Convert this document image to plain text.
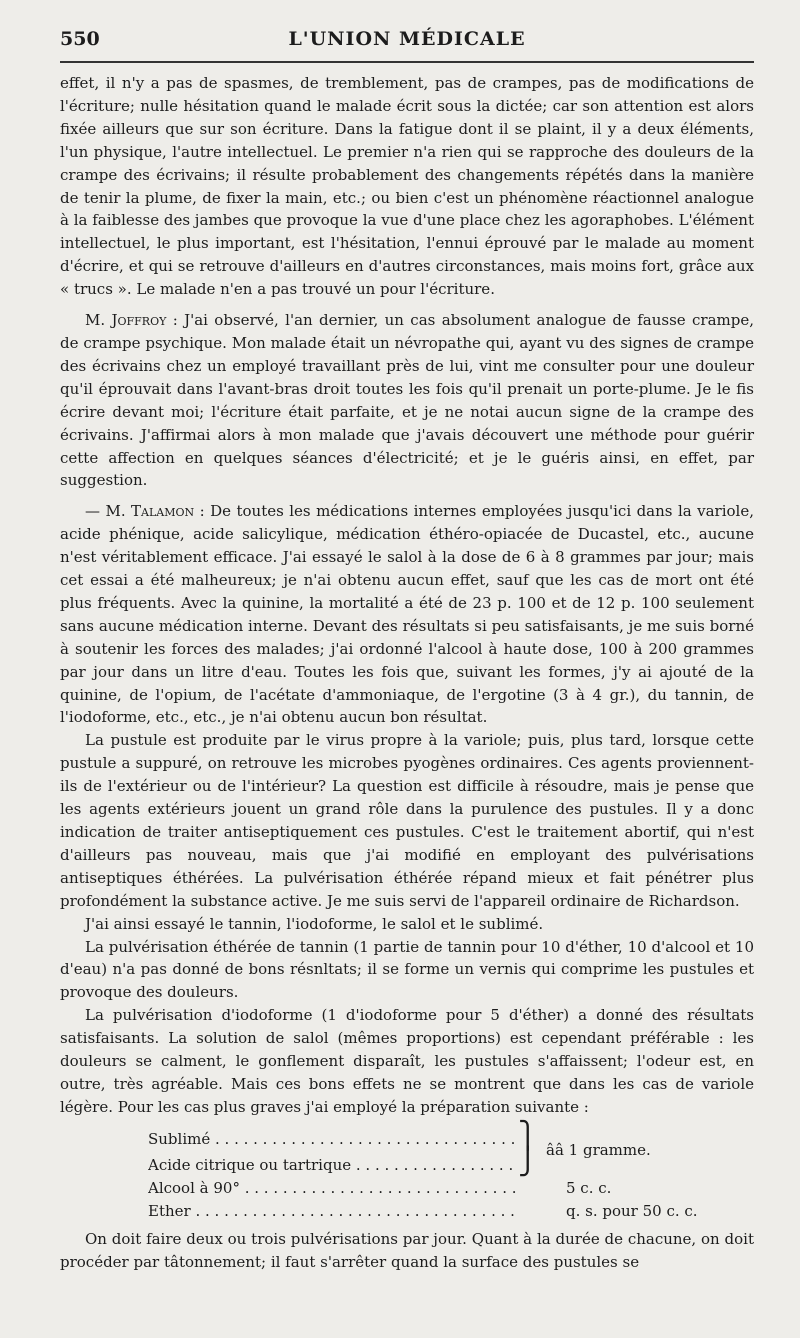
550	L'UNION MÉDICALE

effet, il n'y a pas de spasmes, de tremblement, pas de crampes, pas de modifications de l'écriture; nulle hésitation quand le malade écrit sous la dictée; car son attention est alors fixée ailleurs que sur son écriture. Dans la fatigue dont il se plaint, il y a deux éléments, l'un physique, l'autre intellectuel. Le premier n'a rien qui se rapproche des douleurs de la crampe des écrivains; il résulte probablement des changements répétés dans la manière de tenir la plume, de fixer la main, etc.; ou bien c'est un phénomène réactionnel analogue à la faiblesse des jambes que provoque la vue d'une place chez les agoraphobes. L'élément intellectuel, le plus important, est l'hésitation, l'ennui éprouvé par le malade au moment d'écrire, et qui se retrouve d'ailleurs en d'autres circonstances, mais moins fort, grâce aux « trucs ». Le malade n'en a pas trouvé un pour l'écriture.

M. Joffroy : J'ai observé, l'an dernier, un cas absolument analogue de fausse crampe, de crampe psychique. Mon malade était un névropathe qui, ayant vu des signes de crampe des écrivains chez un employé travaillant près de lui, vint me consulter pour une douleur qu'il éprouvait dans l'avant-bras droit toutes les fois qu'il prenait un porte-plume. Je le fis écrire devant moi; l'écriture était parfaite, et je ne notai aucun signe de la crampe des écrivains. J'affirmai alors à mon malade que j'avais découvert une méthode pour guérir cette affection en quelques séances d'électricité; et je le guéris ainsi, en effet, par suggestion.

— M. Talamon : De toutes les médications internes employées jusqu'ici dans la variole, acide phénique, acide salicylique, médication éthéro-opiacée de Ducastel, etc., aucune n'est véritablement efficace. J'ai essayé le salol à la dose de 6 à 8 grammes par jour; mais cet essai a été malheureux; je n'ai obtenu aucun effet, sauf que les cas de mort ont été plus fréquents. Avec la quinine, la mortalité a été de 23 p. 100 et de 12 p. 100 seulement sans aucune médication interne. Devant des résultats si peu satisfaisants, je me suis borné à soutenir les forces des malades; j'ai ordonné l'alcool à haute dose, 100 à 200 grammes par jour dans un litre d'eau. Toutes les fois que, suivant les formes, j'y ai ajouté de la quinine, de l'opium, de l'acétate d'ammoniaque, de l'ergotine (3 à 4 gr.), du tannin, de l'iodoforme, etc., etc., je n'ai obtenu aucun bon résultat.

La pustule est produite par le virus propre à la variole; puis, plus tard, lorsque cette pustule a suppuré, on retrouve les microbes pyogènes ordinaires. Ces agents proviennent-ils de l'extérieur ou de l'intérieur? La question est difficile à résoudre, mais je pense que les agents extérieurs jouent un grand rôle dans la purulence des pustules. Il y a donc indication de traiter antiseptiquement ces pustules. C'est le traitement abortif, qui n'est d'ailleurs pas nouveau, mais que j'ai modifié en employant des pulvérisations antiseptiques éthérées. La pulvérisation éthérée répand mieux et fait pénétrer plus profondément la substance active. Je me suis servi de l'appareil ordinaire de Richardson.

J'ai ainsi essayé le tannin, l'iodoforme, le salol et le sublimé.

La pulvérisation éthérée de tannin (1 partie de tannin pour 10 d'éther, 10 d'alcool et 10 d'eau) n'a pas donné de bons résnltats; il se forme un vernis qui comprime les pustules et provoque des douleurs.

La pulvérisation d'iodoforme (1 d'iodoforme pour 5 d'éther) a donné des résultats satisfaisants. La solution de salol (mêmes proportions) est cependant préférable : les douleurs se calment, le gonflement disparaît, les pustules s'affaissent; l'odeur est, en outre, très agréable. Mais ces bons effets ne se montrent que dans les cas de variole légère. Pour les cas plus graves j'ai employé la préparation suivante :

Sublimé . . .	⎫
Acide citrique ou tartrique . . .	⎭ ââ 1 gramme.
Alcool à 90° . . .	5 c. c.
Ether . . .	q. s. pour 50 c. c.

On doit faire deux ou trois pulvérisations par jour. Quant à la durée de chacune, on doit procéder par tâtonnement; il faut s'arrêter quand la surface des pustules se
